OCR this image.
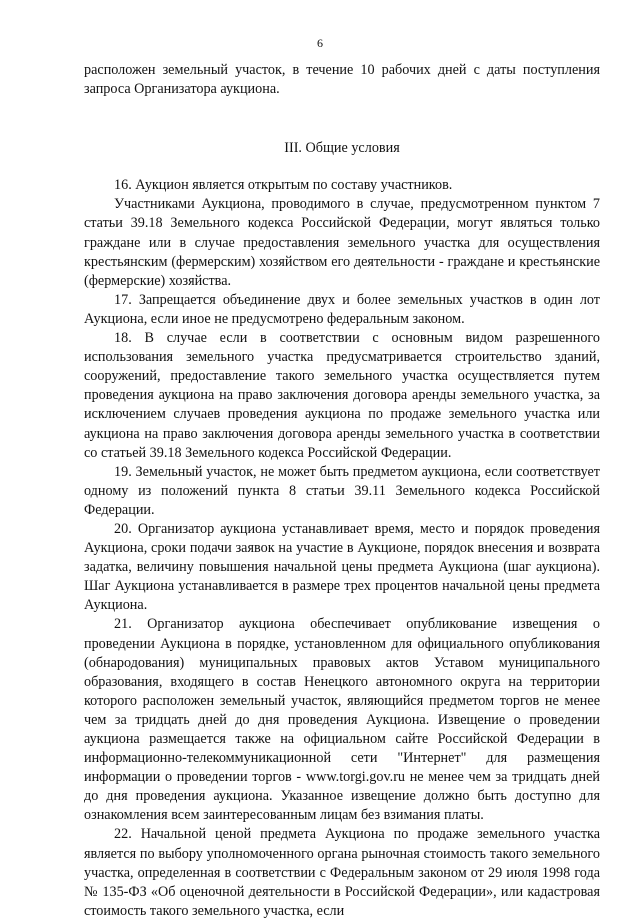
6

расположен земельный участок, в течение 10 рабочих дней с даты поступления запроса Организатора аукциона.

III. Общие условия

16. Аукцион является открытым по составу участников.

Участниками Аукциона, проводимого в случае, предусмотренном пунктом 7 статьи 39.18 Земельного кодекса Российской Федерации, могут являться только граждане или в случае предоставления земельного участка для осуществления крестьянским (фермерским) хозяйством его деятельности - граждане и крестьянские (фермерские) хозяйства.

17. Запрещается объединение двух и более земельных участков в один лот Аукциона, если иное не предусмотрено федеральным законом.

18. В случае если в соответствии с основным видом разрешенного использования земельного участка предусматривается строительство зданий, сооружений, предоставление такого земельного участка осуществляется путем проведения аукциона на право заключения договора аренды земельного участка, за исключением случаев проведения аукциона по продаже земельного участка или аукциона на право заключения договора аренды земельного участка в соответствии со статьей 39.18 Земельного кодекса Российской Федерации.

19. Земельный участок, не может быть предметом аукциона, если соответствует одному из положений пункта 8 статьи 39.11 Земельного кодекса Российской Федерации.

20. Организатор аукциона устанавливает время, место и порядок проведения Аукциона, сроки подачи заявок на участие в Аукционе, порядок внесения и возврата задатка, величину повышения начальной цены предмета Аукциона (шаг аукциона). Шаг Аукциона устанавливается в размере трех процентов начальной цены предмета Аукциона.

21. Организатор аукциона обеспечивает опубликование извещения о проведении Аукциона в порядке, установленном для официального опубликования (обнародования) муниципальных правовых актов Уставом муниципального образования, входящего в состав Ненецкого автономного округа на территории которого расположен земельный участок, являющийся предметом торгов не менее чем за тридцать дней до дня проведения Аукциона. Извещение о проведении аукциона размещается также на официальном сайте Российской Федерации в информационно-телекоммуникационной сети "Интернет" для размещения информации о проведении торгов - www.torgi.gov.ru не менее чем за тридцать дней до дня проведения аукциона. Указанное извещение должно быть доступно для ознакомления всем заинтересованным лицам без взимания платы.

22. Начальной ценой предмета Аукциона по продаже земельного участка является по выбору уполномоченного органа рыночная стоимость такого земельного участка, определенная в соответствии с Федеральным законом от 29 июля 1998 года № 135-ФЗ «Об оценочной деятельности в Российской Федерации», или кадастровая стоимость такого земельного участка, если
